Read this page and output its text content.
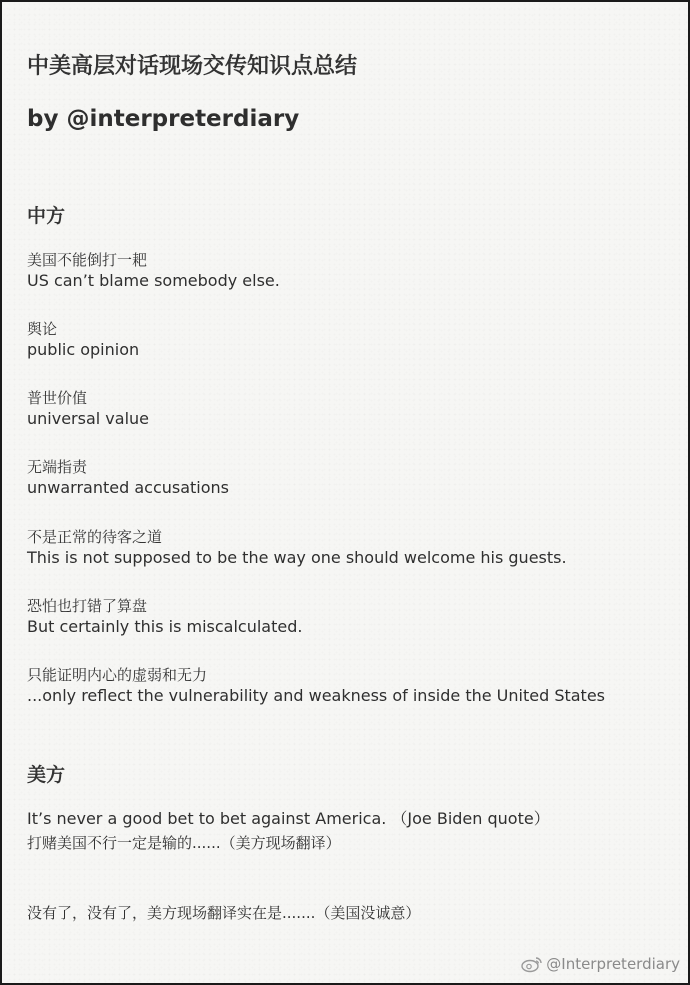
中美高层对话现场交传知识点总结
by @interpreterdiary
中方
美国不能倒打一耙
US can’t blame somebody else.
舆论
public opinion
普世价值
universal value
无端指责
unwarranted accusations
不是正常的待客之道
This is not supposed to be the way one should welcome his guests.
恐怕也打错了算盘
But certainly this is miscalculated.
只能证明内心的虚弱和无力
...only reflect the vulnerability and weakness of inside the United States
美方
It’s never a good bet to bet against America. （Joe Biden quote）
打赌美国不行一定是输的......（美方现场翻译）
没有了，没有了，美方现场翻译实在是.......（美国没诚意）
@Interpreterdiary
